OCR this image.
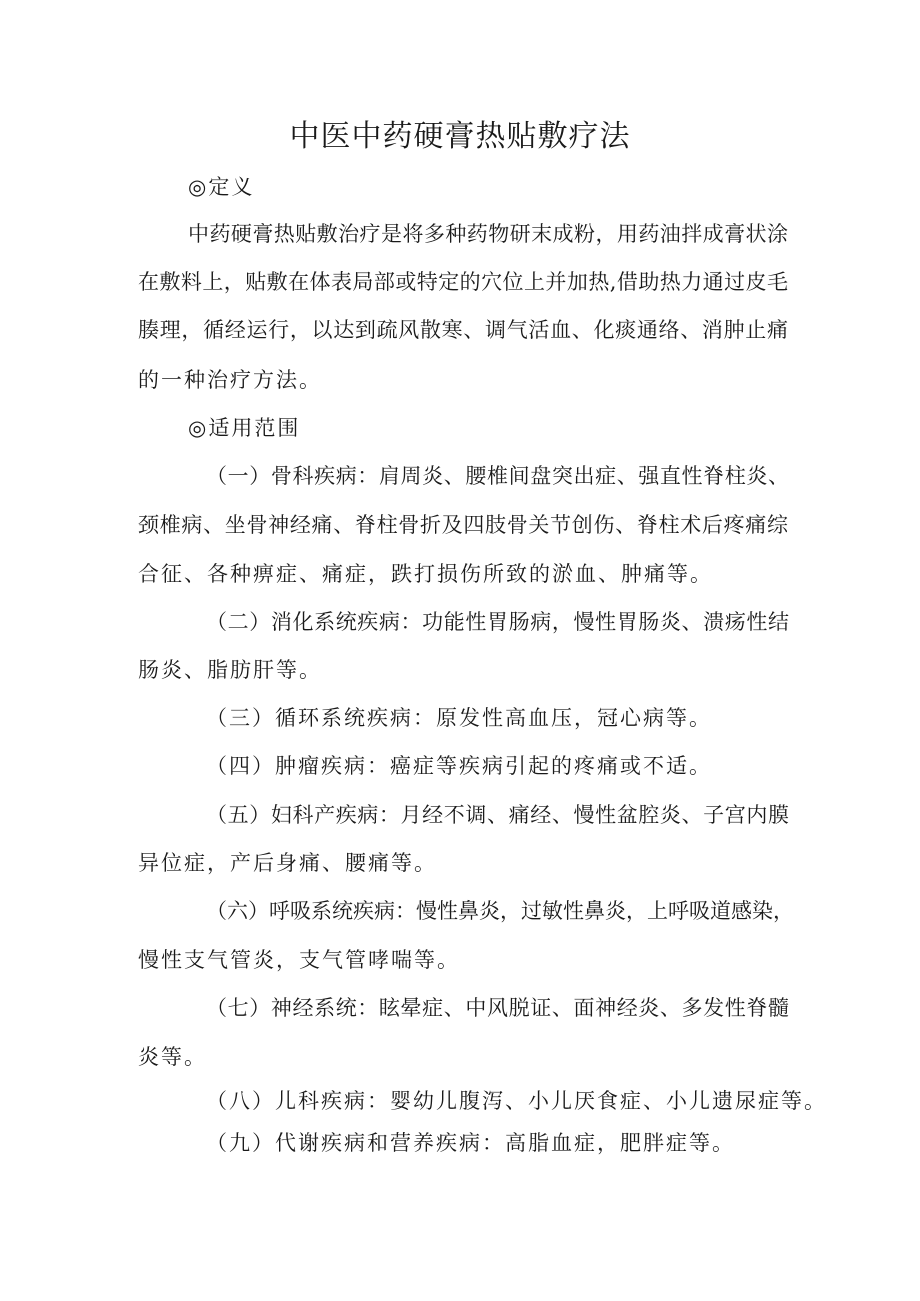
中医中药硬膏热贴敷疗法
◎定义
中药硬膏热贴敷治疗是将多种药物研末成粉，用药油拌成膏状涂
在敷料上，贴敷在体表局部或特定的穴位上并加热,借助热力通过皮毛
腠理，循经运行，以达到疏风散寒、调气活血、化痰通络、消肿止痛
的一种治疗方法。
◎适用范围
（一）骨科疾病：肩周炎、腰椎间盘突出症、强直性脊柱炎、
颈椎病、坐骨神经痛、脊柱骨折及四肢骨关节创伤、脊柱术后疼痛综
合征、各种痹症、痛症，跌打损伤所致的淤血、肿痛等。
（二）消化系统疾病：功能性胃肠病，慢性胃肠炎、溃疡性结
肠炎、脂肪肝等。
（三）循环系统疾病：原发性高血压，冠心病等。
（四）肿瘤疾病：癌症等疾病引起的疼痛或不适。
（五）妇科产疾病：月经不调、痛经、慢性盆腔炎、子宫内膜
异位症，产后身痛、腰痛等。
（六）呼吸系统疾病：慢性鼻炎，过敏性鼻炎，上呼吸道感染，
慢性支气管炎，支气管哮喘等。
（七）神经系统：眩晕症、中风脱证、面神经炎、多发性脊髓
炎等。
（八）儿科疾病：婴幼儿腹泻、小儿厌食症、小儿遗尿症等。
（九）代谢疾病和营养疾病：高脂血症，肥胖症等。
